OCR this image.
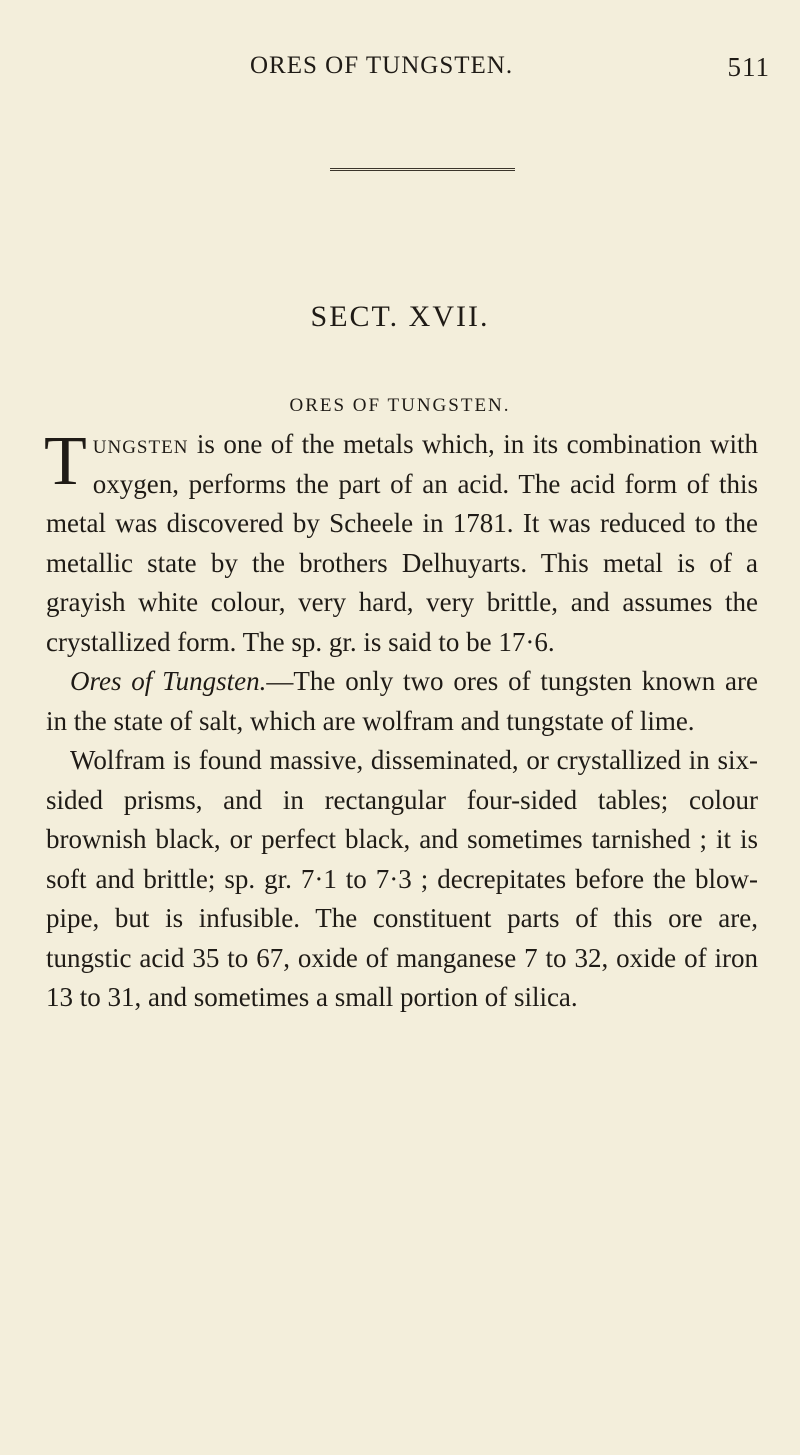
ORES OF TUNGSTEN.	511
SECT. XVII.
ORES OF TUNGSTEN.

Tungsten is one of the metals which, in its combination with oxygen, performs the part of an acid. The acid form of this metal was discovered by Scheele in 1781. It was reduced to the metallic state by the brothers Delhuyarts. This metal is of a grayish white colour, very hard, very brittle, and assumes the crystallized form. The sp. gr. is said to be 17·6.

Ores of Tungsten.—The only two ores of tungsten known are in the state of salt, which are wolfram and tungstate of lime.

Wolfram is found massive, disseminated, or crystallized in six-sided prisms, and in rectangular four-sided tables; colour brownish black, or perfect black, and sometimes tarnished ; it is soft and brittle; sp. gr. 7·1 to 7·3 ; decrepitates before the blow-pipe, but is infusible. The constituent parts of this ore are, tungstic acid 35 to 67, oxide of manganese 7 to 32, oxide of iron 13 to 31, and sometimes a small portion of silica.
